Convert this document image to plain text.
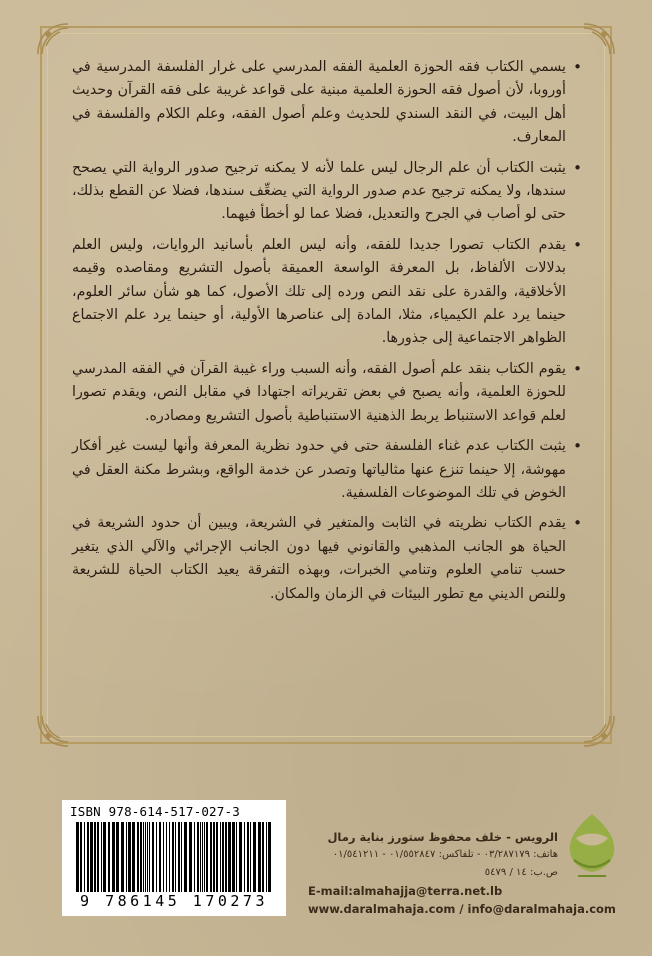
• يسمي الكتاب فقه الحوزة العلمية الفقه المدرسي على غرار الفلسفة المدرسية في أوروبا، لأن أصول فقه الحوزة العلمية مبنية على قواعد غريبة على فقه القرآن وحديث أهل البيت، في النقد السندي للحديث وعلم أصول الفقه، وعلم الكلام والفلسفة في المعارف.

• يثبت الكتاب أن علم الرجال ليس علما لأنه لا يمكنه ترجيح صدور الرواية التي يصحح سندها، ولا يمكنه ترجيح عدم صدور الرواية التي يضعِّف سندها، فضلا عن القطع بذلك، حتى لو أصاب في الجرح والتعديل، فضلا عما لو أخطأ فيهما.

• يقدم الكتاب تصورا جديدا للفقه، وأنه ليس العلم بأسانيد الروايات، وليس العلم بدلالات الألفاظ، بل المعرفة الواسعة العميقة بأصول التشريع ومقاصده وقيمه الأخلاقية، والقدرة على نقد النص ورده إلى تلك الأصول، كما هو شأن سائر العلوم، حينما يرد علم الكيمياء، مثلا، المادة إلى عناصرها الأولية، أو حينما يرد علم الاجتماع الظواهر الاجتماعية إلى جذورها.

• يقوم الكتاب بنقد علم أصول الفقه، وأنه السبب وراء غيبة القرآن في الفقه المدرسي للحوزة العلمية، وأنه يصبح في بعض تقريراته اجتهادا في مقابل النص، ويقدم تصورا لعلم قواعد الاستنباط يربط الذهنية الاستنباطية بأصول التشريع ومصادره.

• يثبت الكتاب عدم غناء الفلسفة حتى في حدود نظرية المعرفة وأنها ليست غير أفكار مهوشة، إلا حينما تنزع عنها مثالياتها وتصدر عن خدمة الواقع، وبشرط مكنة العقل في الخوض في تلك الموضوعات الفلسفية.

• يقدم الكتاب نظريته في الثابت والمتغير في الشريعة، ويبين أن حدود الشريعة في الحياة هو الجانب المذهبي والقانوني فيها دون الجانب الإجرائي والآلي الذي يتغير حسب تنامي العلوم وتنامي الخبرات، وبهذه التفرقة يعيد الكتاب الحياة للشريعة وللنص الديني مع تطور البيئات في الزمان والمكان.

ISBN 978-614-517-027-3
9 786145 170273
الرويس - خلف محفوظ ستورز بناية رمال
هاتف: ٠٣/٢٨٧١٧٩ - تلفاكس: ٠١/٥٥٢٨٤٧ - ٠١/٥٤١٢١١
ص.ب: ١٤ / ٥٤٧٩
E-mail:almahajja@terra.net.lb
www.daralmahaja.com / info@daralmahaja.com
